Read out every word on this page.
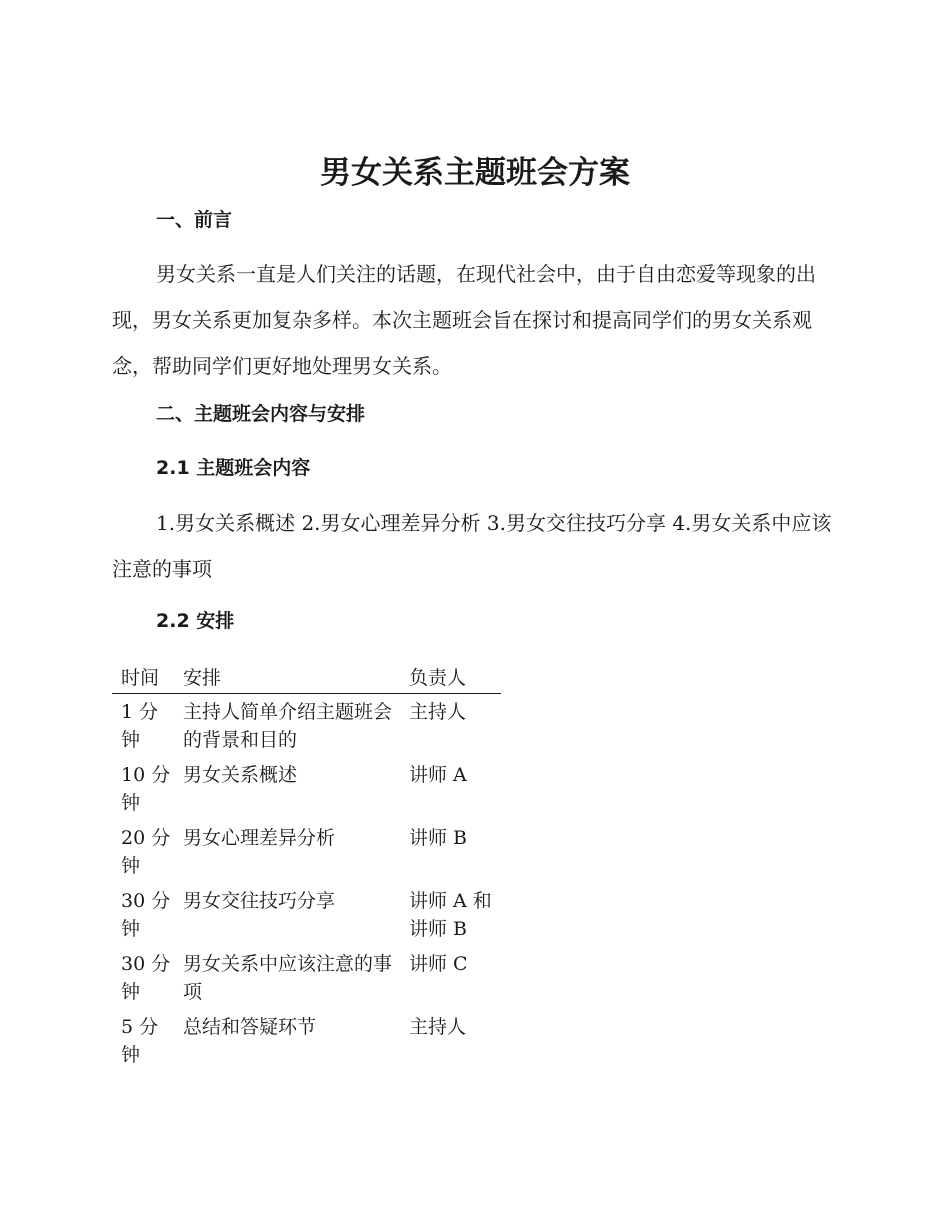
男女关系主题班会方案
一、前言

男女关系一直是人们关注的话题，在现代社会中，由于自由恋爱等现象的出现，男女关系更加复杂多样。本次主题班会旨在探讨和提高同学们的男女关系观念，帮助同学们更好地处理男女关系。

二、主题班会内容与安排
2.1 主题班会内容

1.男女关系概述 2.男女心理差异分析 3.男女交往技巧分享 4.男女关系中应该注意的事项

2.2 安排
时间	安排	负责人
1 分钟	主持人简单介绍主题班会的背景和目的	主持人
10 分钟	男女关系概述	讲师 A
20 分钟	男女心理差异分析	讲师 B
30 分钟	男女交往技巧分享	讲师 A 和讲师 B
30 分钟	男女关系中应该注意的事项	讲师 C
5 分钟	总结和答疑环节	主持人
